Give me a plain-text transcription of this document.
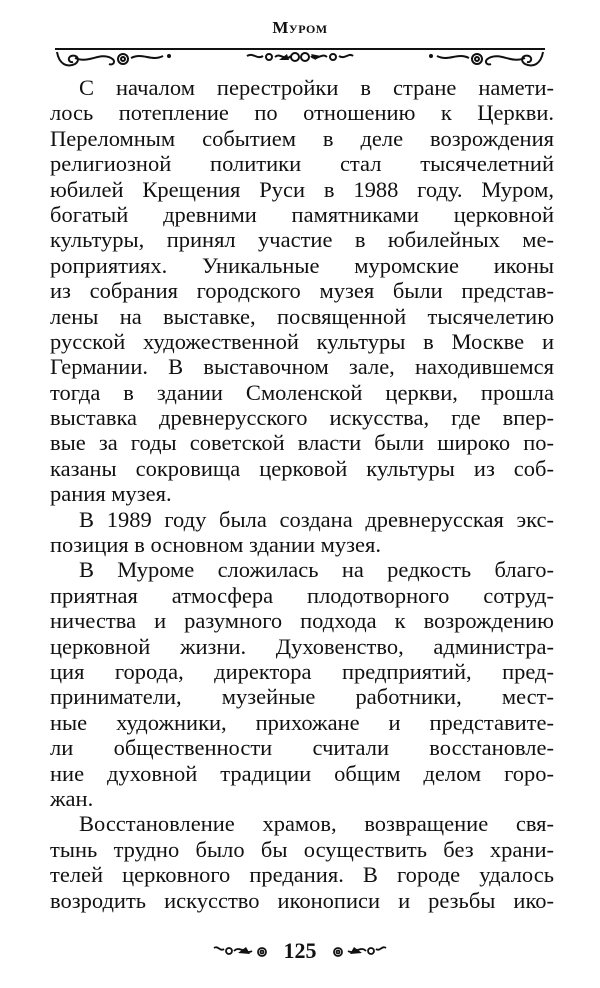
Муром
С началом перестройки в стране намети-
лось потепление по отношению к Церкви.
Переломным событием в деле возрождения
религиозной политики стал тысячелетний
юбилей Крещения Руси в 1988 году. Муром,
богатый древними памятниками церковной
культуры, принял участие в юбилейных ме-
роприятиях. Уникальные муромские иконы
из собрания городского музея были представ-
лены на выставке, посвященной тысячелетию
русской художественной культуры в Москве и
Германии. В выставочном зале, находившемся
тогда в здании Смоленской церкви, прошла
выставка древнерусского искусства, где впер-
вые за годы советской власти были широко по-
казаны сокровища церковой культуры из соб-
рания музея.
В 1989 году была создана древнерусская экс-
позиция в основном здании музея.
В Муроме сложилась на редкость благо-
приятная атмосфера плодотворного сотруд-
ничества и разумного подхода к возрождению
церковной жизни. Духовенство, администра-
ция города, директора предприятий, пред-
приниматели, музейные работники, мест-
ные художники, прихожане и представите-
ли общественности считали восстановле-
ние духовной традиции общим делом горо-
жан.
Восстановление храмов, возвращение свя-
тынь трудно было бы осуществить без храни-
телей церковного предания. В городе удалось
возродить искусство иконописи и резьбы ико-
125
